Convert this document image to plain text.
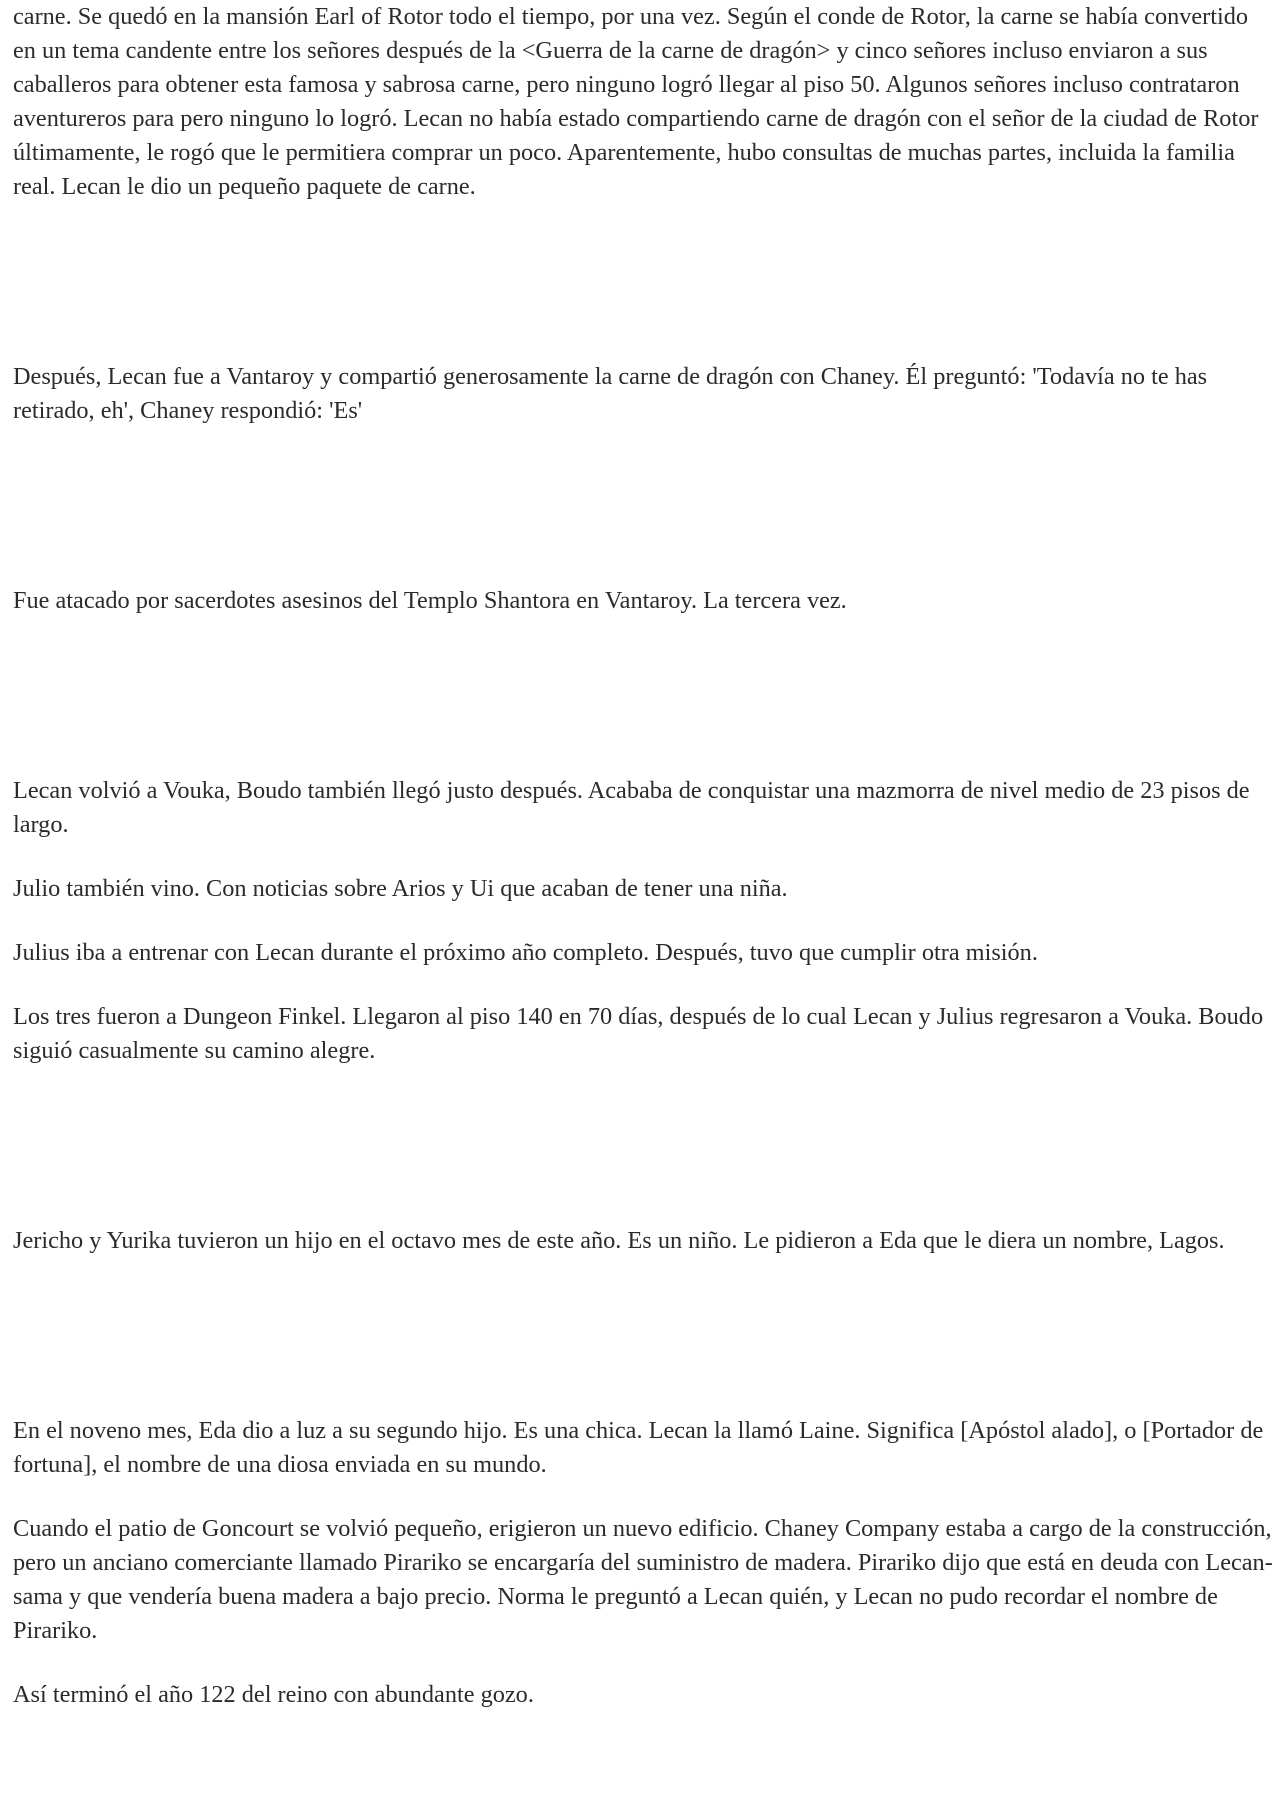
carne. Se quedó en la mansión Earl of Rotor todo el tiempo, por una vez. Según el conde de Rotor, la carne se había convertido en un tema candente entre los señores después de la <Guerra de la carne de dragón> y cinco señores incluso enviaron a sus caballeros para obtener esta famosa y sabrosa carne, pero ninguno logró llegar al piso 50. Algunos señores incluso contrataron aventureros para pero ninguno lo logró. Lecan no había estado compartiendo carne de dragón con el señor de la ciudad de Rotor últimamente, le rogó que le permitiera comprar un poco. Aparentemente, hubo consultas de muchas partes, incluida la familia real. Lecan le dio un pequeño paquete de carne.

Después, Lecan fue a Vantaroy y compartió generosamente la carne de dragón con Chaney. Él preguntó: 'Todavía no te has retirado, eh', Chaney respondió: 'Es'

Fue atacado por sacerdotes asesinos del Templo Shantora en Vantaroy. La tercera vez.

Lecan volvió a Vouka, Boudo también llegó justo después. Acababa de conquistar una mazmorra de nivel medio de 23 pisos de largo.

Julio también vino. Con noticias sobre Arios y Ui que acaban de tener una niña.

Julius iba a entrenar con Lecan durante el próximo año completo. Después, tuvo que cumplir otra misión.

Los tres fueron a Dungeon Finkel. Llegaron al piso 140 en 70 días, después de lo cual Lecan y Julius regresaron a Vouka. Boudo siguió casualmente su camino alegre.

Jericho y Yurika tuvieron un hijo en el octavo mes de este año. Es un niño. Le pidieron a Eda que le diera un nombre, Lagos.

En el noveno mes, Eda dio a luz a su segundo hijo. Es una chica. Lecan la llamó Laine. Significa [Apóstol alado], o [Portador de fortuna], el nombre de una diosa enviada en su mundo.

Cuando el patio de Goncourt se volvió pequeño, erigieron un nuevo edificio. Chaney Company estaba a cargo de la construcción, pero un anciano comerciante llamado Pirariko se encargaría del suministro de madera. Pirariko dijo que está en deuda con Lecan-sama y que vendería buena madera a bajo precio. Norma le preguntó a Lecan quién, y Lecan no pudo recordar el nombre de Pirariko.

Así terminó el año 122 del reino con abundante gozo.
